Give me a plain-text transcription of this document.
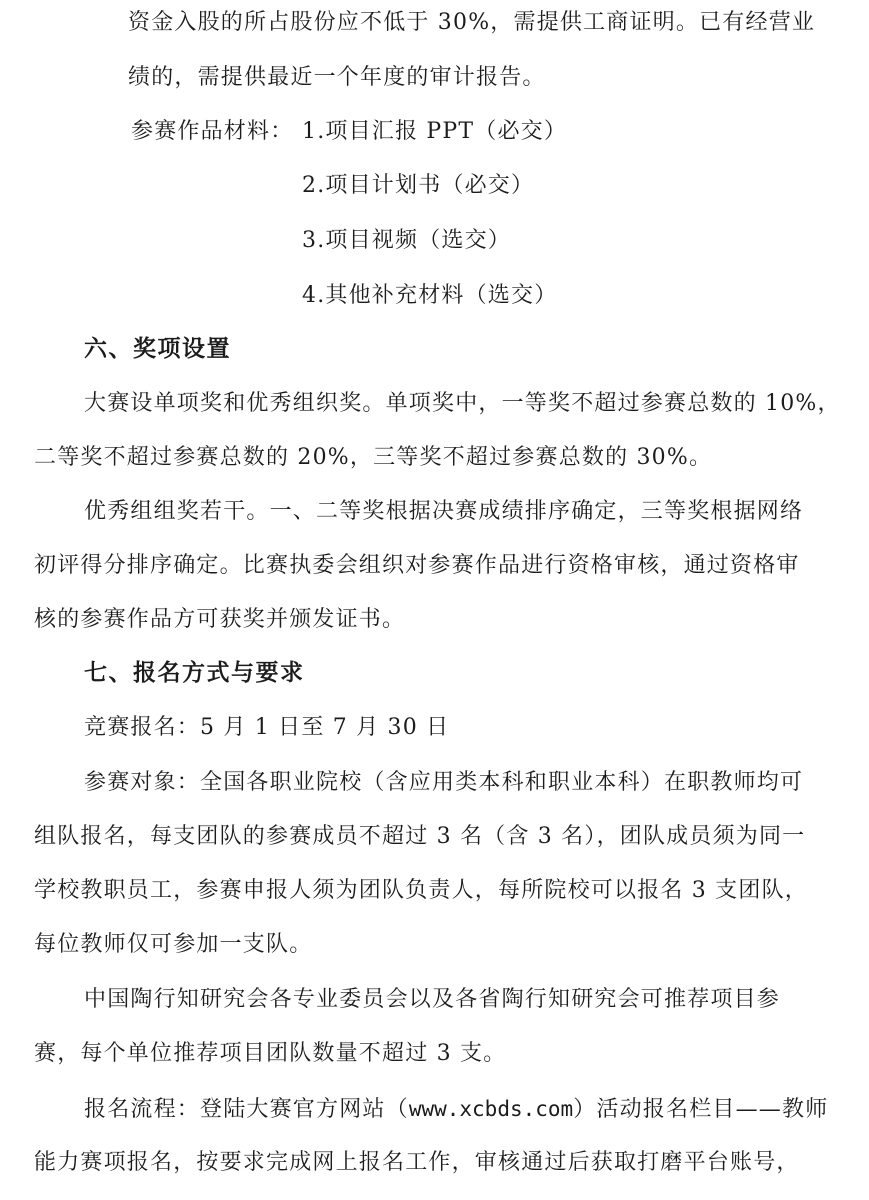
资金入股的所占股份应不低于 30%，需提供工商证明。已有经营业
绩的，需提供最近一个年度的审计报告。
参赛作品材料： 1.项目汇报 PPT（必交）
2.项目计划书（必交）
3.项目视频（选交）
4.其他补充材料（选交）
六、奖项设置
大赛设单项奖和优秀组织奖。单项奖中，一等奖不超过参赛总数的 10%，
二等奖不超过参赛总数的 20%，三等奖不超过参赛总数的 30%。
优秀组组奖若干。一、二等奖根据决赛成绩排序确定，三等奖根据网络
初评得分排序确定。比赛执委会组织对参赛作品进行资格审核，通过资格审
核的参赛作品方可获奖并颁发证书。
七、报名方式与要求
竞赛报名：5 月 1 日至 7 月 30 日
参赛对象：全国各职业院校（含应用类本科和职业本科）在职教师均可
组队报名，每支团队的参赛成员不超过 3 名（含 3 名），团队成员须为同一
学校教职员工，参赛申报人须为团队负责人，每所院校可以报名 3 支团队，
每位教师仅可参加一支队。
中国陶行知研究会各专业委员会以及各省陶行知研究会可推荐项目参
赛，每个单位推荐项目团队数量不超过 3 支。
报名流程：登陆大赛官方网站（www.xcbds.com）活动报名栏目——教师
能力赛项报名，按要求完成网上报名工作，审核通过后获取打磨平台账号，
